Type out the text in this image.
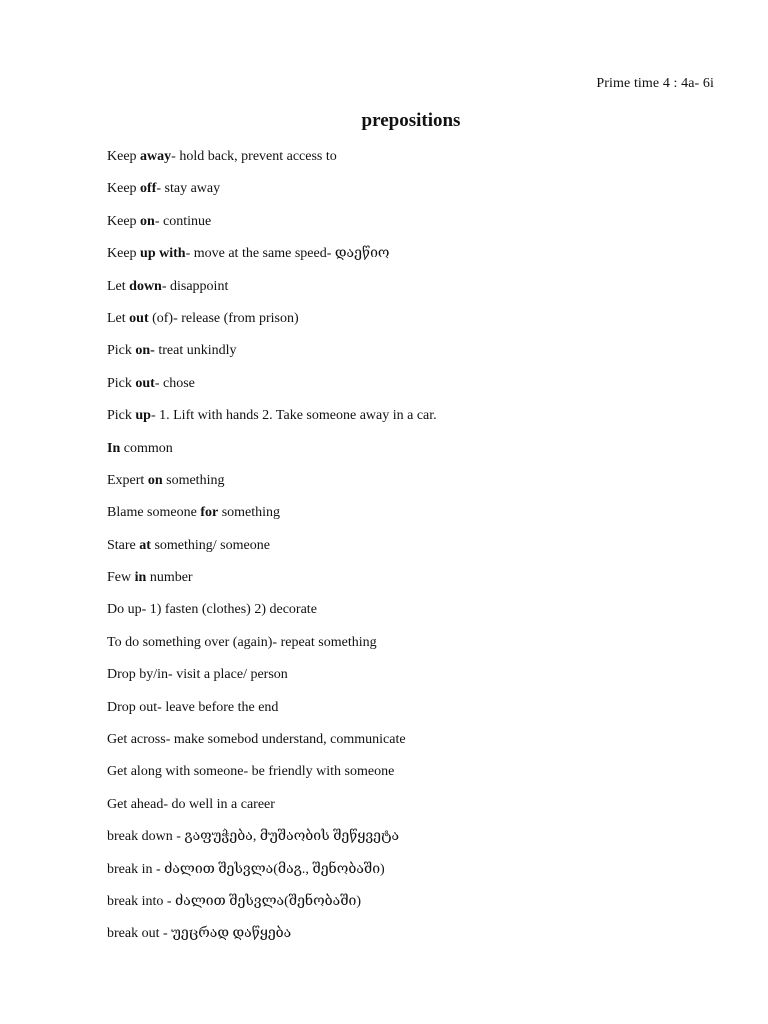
Prime time 4 : 4a- 6i
prepositions
Keep away- hold back, prevent access to
Keep off- stay away
Keep on- continue
Keep up with- move at the same speed- დაეწიო
Let down- disappoint
Let out (of)- release (from prison)
Pick on- treat unkindly
Pick out- chose
Pick up- 1. Lift with hands 2. Take someone away in a car.
In common
Expert on something
Blame someone for something
Stare at something/ someone
Few in number
Do up- 1) fasten (clothes) 2) decorate
To do something over (again)- repeat something
Drop by/in- visit a place/ person
Drop out- leave before the end
Get across- make somebod understand, communicate
Get along with someone- be friendly with someone
Get ahead- do well in a career
break down - გაფუჭება, მუშაობის შეწყვეტა
break in - ძალით შესვლა(მაგ., შენობაში)
break into - ძალით შესვლა(შენობაში)
break out - უეცრად დაწყება
